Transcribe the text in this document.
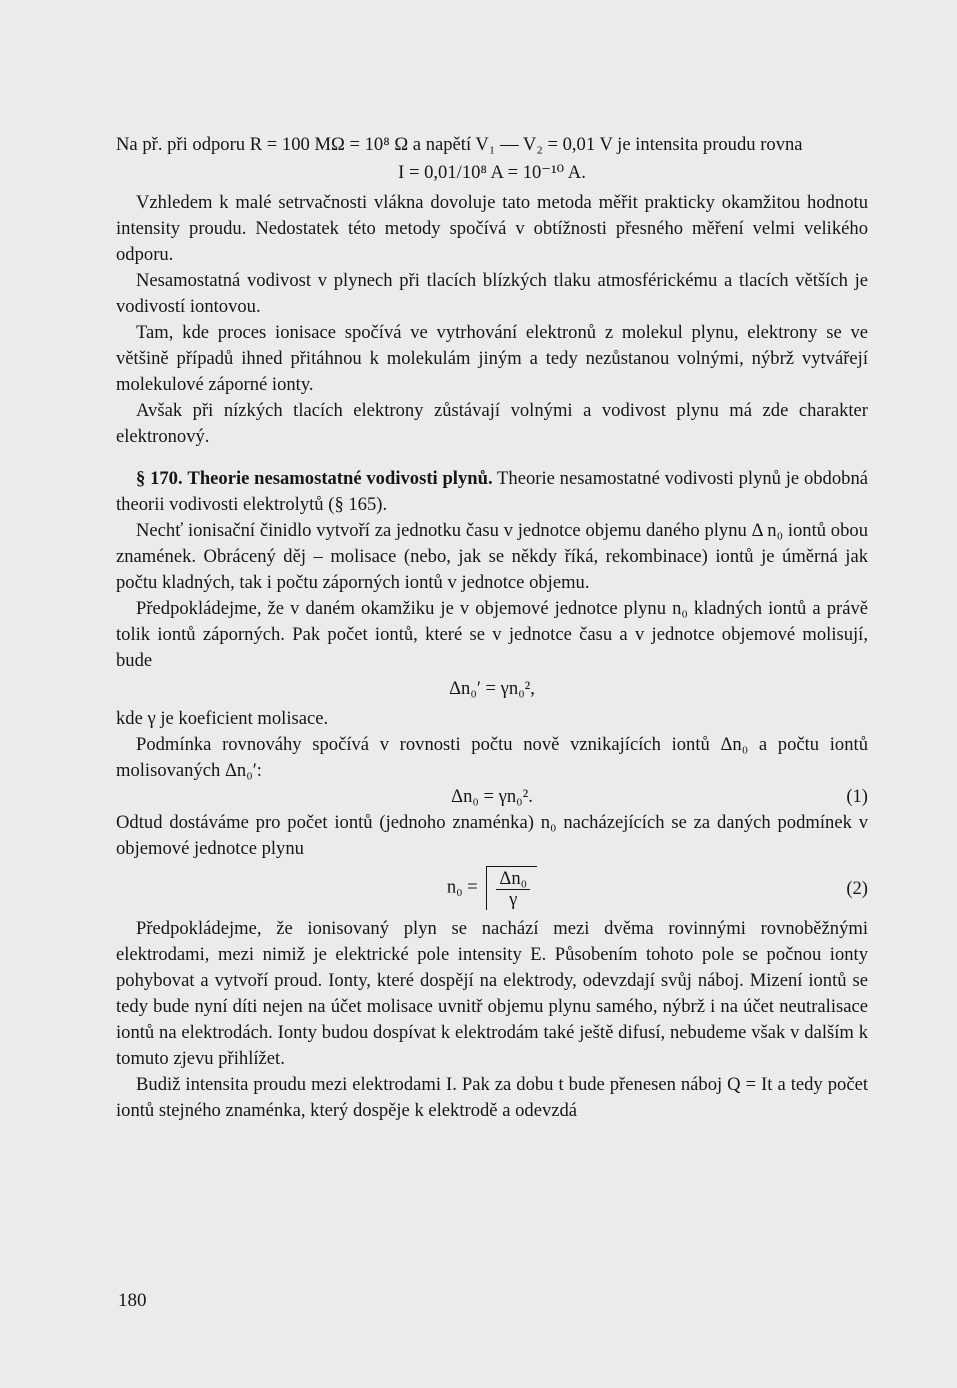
Na př. při odporu R = 100 MΩ = 10⁸ Ω a napětí V₁ — V₂ = 0,01 V je intensita proudu rovna

I = 0,01/10⁸ A = 10⁻¹⁰ A.

Vzhledem k malé setrvačnosti vlákna dovoluje tato metoda měřit prakticky okamžitou hodnotu intensity proudu. Nedostatek této metody spočívá v obtížnosti přesného měření velmi velikého odporu.

Nesamostatná vodivost v plynech při tlacích blízkých tlaku atmosférickému a tlacích větších je vodivostí iontovou.

Tam, kde proces ionisace spočívá ve vytrhování elektronů z molekul plynu, elektrony se ve většině případů ihned přitáhnou k molekulám jiným a tedy nezůstanou volnými, nýbrž vytvářejí molekulové záporné ionty.

Avšak při nízkých tlacích elektrony zůstávají volnými a vodivost plynu má zde charakter elektronový.

§ 170. Theorie nesamostatné vodivosti plynů. Theorie nesamostatné vodivosti plynů je obdobná theorii vodivosti elektrolytů (§ 165).

Nechť ionisační činidlo vytvoří za jednotku času v jednotce objemu daného plynu Δ n₀ iontů obou znamének. Obrácený děj – molisace (nebo, jak se někdy říká, rekombinace) iontů je úměrná jak počtu kladných, tak i počtu záporných iontů v jednotce objemu.

Předpokládejme, že v daném okamžiku je v objemové jednotce plynu n₀ kladných iontů a právě tolik iontů záporných. Pak počet iontů, které se v jednotce času a v jednotce objemové molisují, bude

Δn₀′ = γn₀²,

kde γ je koeficient molisace.

Podmínka rovnováhy spočívá v rovnosti počtu nově vznikajících iontů Δn₀ a počtu iontů molisovaných Δn₀′:

Δn₀ = γn₀².	(1)

Odtud dostáváme pro počet iontů (jednoho znaménka) n₀ nacházejících se za daných podmínek v objemové jednotce plynu

$n_0 = \frac{\text{Δn₀}}{\gamma}$	(2)

Předpokládejme, že ionisovaný plyn se nachází mezi dvěma rovinnými rovnoběžnými elektrodami, mezi nimiž je elektrické pole intensity E. Působením tohoto pole se počnou ionty pohybovat a vytvoří proud. Ionty, které dospějí na elektrody, odevzdají svůj náboj. Mizení iontů se tedy bude nyní díti nejen na účet molisace uvnitř objemu plynu samého, nýbrž i na účet neutralisace iontů na elektrodách. Ionty budou dospívat k elektrodám také ještě difusí, nebudeme však v dalším k tomuto zjevu přihlížet.

Budiž intensita proudu mezi elektrodami I. Pak za dobu t bude přenesen náboj Q = It a tedy počet iontů stejného znaménka, který dospěje k elektrodě a odevzdá

180
